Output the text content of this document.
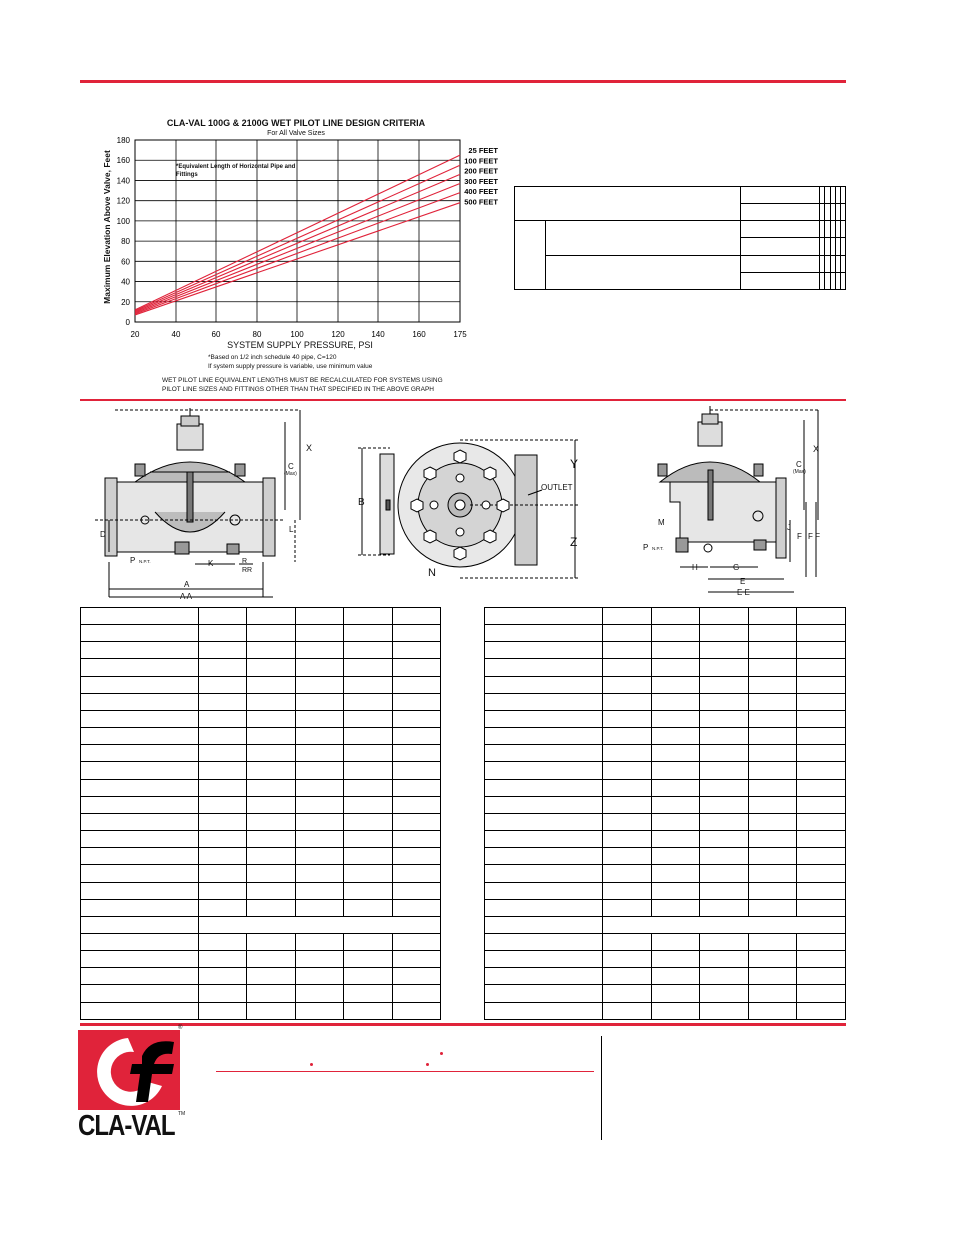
CLA-VAL 100G & 2100G WET PILOT LINE DESIGN CRITERIA
For All Valve Sizes
20	40	60	80	100	120	140	160	175
0
20
40
60
80
100
120
140
160
180
25 FEET
100 FEET
200 FEET
300 FEET
400 FEET
500 FEET
Maximum Elevation Above Valve, Feet	*Equivalent Length of Horizontal Pipe and Fittings
SYSTEM SUPPLY PRESSURE, PSI
*Based on 1/2 inch schedule 40 pipe, C=120
If system supply pressure is variable, use minimum value
WET PILOT LINE EQUIVALENT LENGTHS MUST BE RECALCULATED FOR SYSTEMS USING
PILOT LINE SIZES AND FITTINGS OTHER THAN THAT SPECIFIED IN THE ABOVE GRAPH

X
C
(Max)
D
L
P N.P.T.	K	R
RR
A
A A
B
Y
Z
N
OUTLET
X
C
(Max)
M
J
F F F
P N.P.T.
H	G
E
E E

®
CLA-VAL TM
